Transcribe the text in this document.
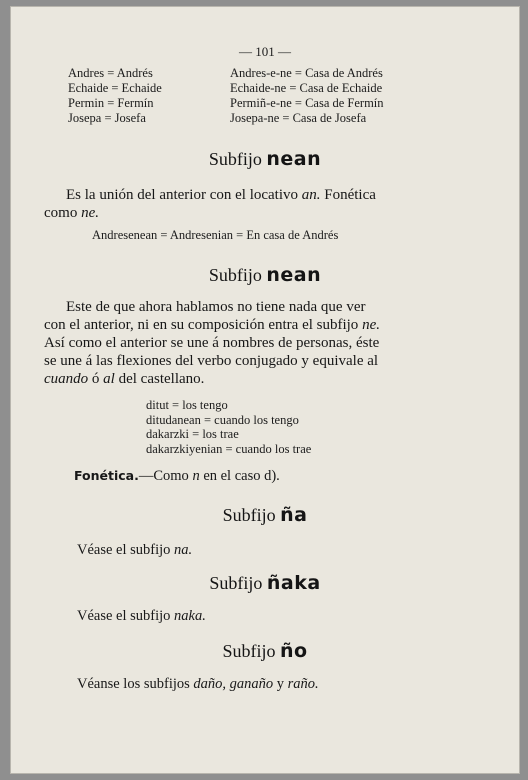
— 101 —
Andres = Andrés
Echaide = Echaide
Permin = Fermín
Josepa = Josefa
Andres-e-ne = Casa de Andrés
Echaide-ne = Casa de Echaide
Permiñ-e-ne = Casa de Fermín
Josepa-ne = Casa de Josefa
Subfijo nean
Es la unión del anterior con el locativo an. Fonética
como ne.
Andresenean = Andresenian = En casa de Andrés
Subfijo nean
Este de que ahora hablamos no tiene nada que ver
con el anterior, ni en su composición entra el subfijo ne.
Así como el anterior se une á nombres de personas, éste
se une á las flexiones del verbo conjugado y equivale al
cuando ó al del castellano.
ditut = los tengo
ditudanean = cuando los tengo
dakarzki = los trae
dakarzkiyenian = cuando los trae
Fonética.—Como n en el caso d).
Subfijo ña
Véase el subfijo na.
Subfijo ñaka
Véase el subfijo naka.
Subfijo ño
Véanse los subfijos daño, ganaño y raño.
